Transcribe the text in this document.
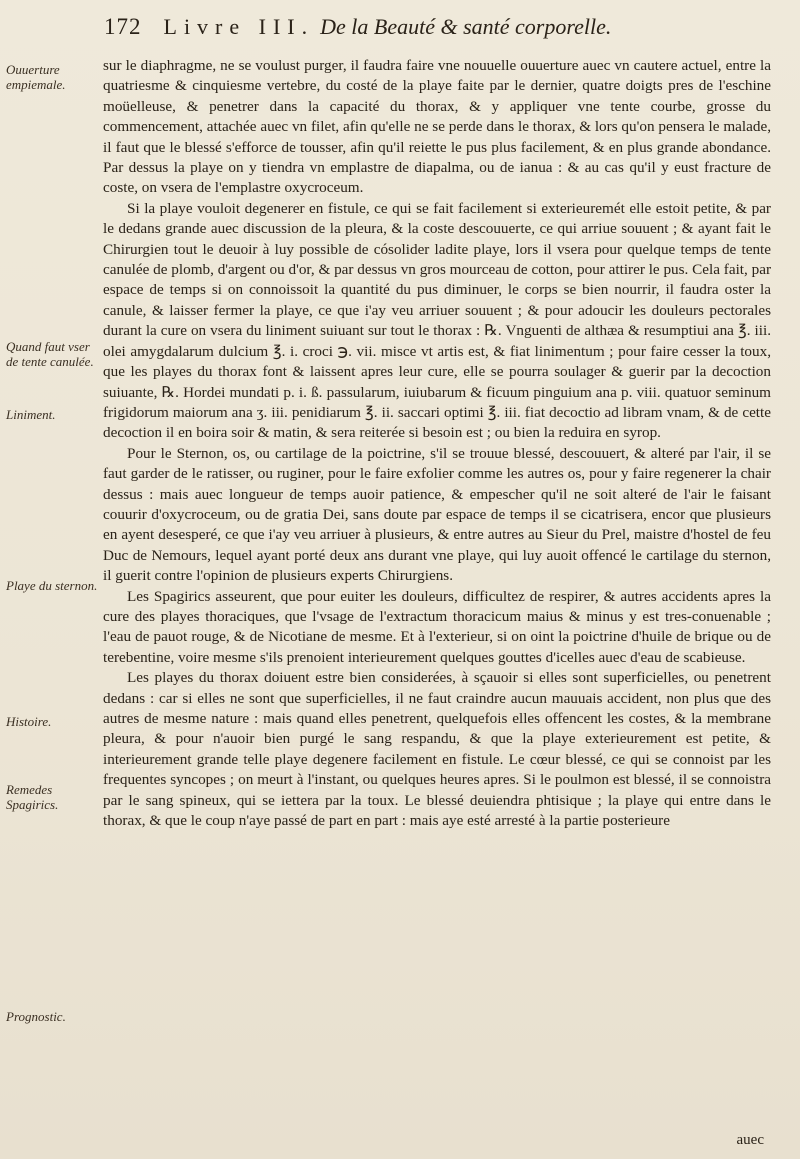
172 Livre III. De la Beauté & santé corporelle.
Ouuerture empiemale.
Quand faut vser de tente canulée.
Liniment.
Playe du sternon.
Histoire.
Remedes Spagirics.
Prognostic.

sur le diaphragme, ne se voulust purger, il faudra faire vne nouuelle ouuerture auec vn cautere actuel, entre la quatriesme & cinquiesme vertebre, du costé de la playe faite par le dernier, quatre doigts pres de l'eschine moüelleuse, & penetrer dans la capacité du thorax, & y appliquer vne tente courbe, grosse du commencement, attachée auec vn filet, afin qu'elle ne se perde dans le thorax, & lors qu'on pensera le malade, il faut que le blessé s'efforce de tousser, afin qu'il reiette le pus plus facilement, & en plus grande abondance. Par dessus la playe on y tiendra vn emplastre de diapalma, ou de ianua : & au cas qu'il y eust fracture de coste, on vsera de l'emplastre oxycroceum.

Si la playe vouloit degenerer en fistule, ce qui se fait facilement si exterieuremét elle estoit petite, & par le dedans grande auec discussion de la pleura, & la coste descouuerte, ce qui arriue souuent ; & ayant fait le Chirurgien tout le deuoir à luy possible de cósolider ladite playe, lors il vsera pour quelque temps de tente canulée de plomb, d'argent ou d'or, & par dessus vn gros mourceau de cotton, pour attirer le pus. Cela fait, par espace de temps si on connoissoit la quantité du pus diminuer, le corps se bien nourrir, il faudra oster la canule, & laisser fermer la playe, ce que i'ay veu arriuer souuent ; & pour adoucir les douleurs pectorales durant la cure on vsera du liniment suiuant sur tout le thorax : ℞. Vnguenti de althæa & resumptiui ana ℥. iii. olei amygdalarum dulcium ℥. i. croci ℈. vii. misce vt artis est, & fiat linimentum ; pour faire cesser la toux, que les playes du thorax font & laissent apres leur cure, elle se pourra soulager & guerir par la decoction suiuante, ℞. Hordei mundati p. i. ß. passularum, iuiubarum & ficuum pinguium ana p. viii. quatuor seminum frigidorum maiorum ana ʒ. iii. penidiarum ℥. ii. saccari optimi ℥. iii. fiat decoctio ad libram vnam, & de cette decoction il en boira soir & matin, & sera reiterée si besoin est ; ou bien la reduira en syrop.

Pour le Sternon, os, ou cartilage de la poictrine, s'il se trouue blessé, descouuert, & alteré par l'air, il se faut garder de le ratisser, ou ruginer, pour le faire exfolier comme les autres os, pour y faire regenerer la chair dessus : mais auec longueur de temps auoir patience, & empescher qu'il ne soit alteré de l'air le faisant couurir d'oxycroceum, ou de gratia Dei, sans doute par espace de temps il se cicatrisera, encor que plusieurs en ayent desesperé, ce que i'ay veu arriuer à plusieurs, & entre autres au Sieur du Prel, maistre d'hostel de feu Duc de Nemours, lequel ayant porté deux ans durant vne playe, qui luy auoit offencé le cartilage du sternon, il guerit contre l'opinion de plusieurs experts Chirurgiens.

Les Spagirics asseurent, que pour euiter les douleurs, difficultez de respirer, & autres accidents apres la cure des playes thoraciques, que l'vsage de l'extractum thoracicum maius & minus y est tres-conuenable ; l'eau de pauot rouge, & de Nicotiane de mesme. Et à l'exterieur, si on oint la poictrine d'huile de brique ou de terebentine, voire mesme s'ils prenoient interieurement quelques gouttes d'icelles auec d'eau de scabieuse.

Les playes du thorax doiuent estre bien considerées, à sçauoir si elles sont superficielles, ou penetrent dedans : car si elles ne sont que superficielles, il ne faut craindre aucun mauuais accident, non plus que des autres de mesme nature : mais quand elles penetrent, quelquefois elles offencent les costes, & la membrane pleura, & pour n'auoir bien purgé le sang respandu, & que la playe exterieurement est petite, & interieurement grande telle playe degenere facilement en fistule. Le cœur blessé, ce qui se connoist par les frequentes syncopes ; on meurt à l'instant, ou quelques heures apres. Si le poulmon est blessé, il se connoistra par le sang spineux, qui se iettera par la toux. Le blessé deuiendra phtisique ; la playe qui entre dans le thorax, & que le coup n'aye passé de part en part : mais aye esté arresté à la partie posterieure

auec
